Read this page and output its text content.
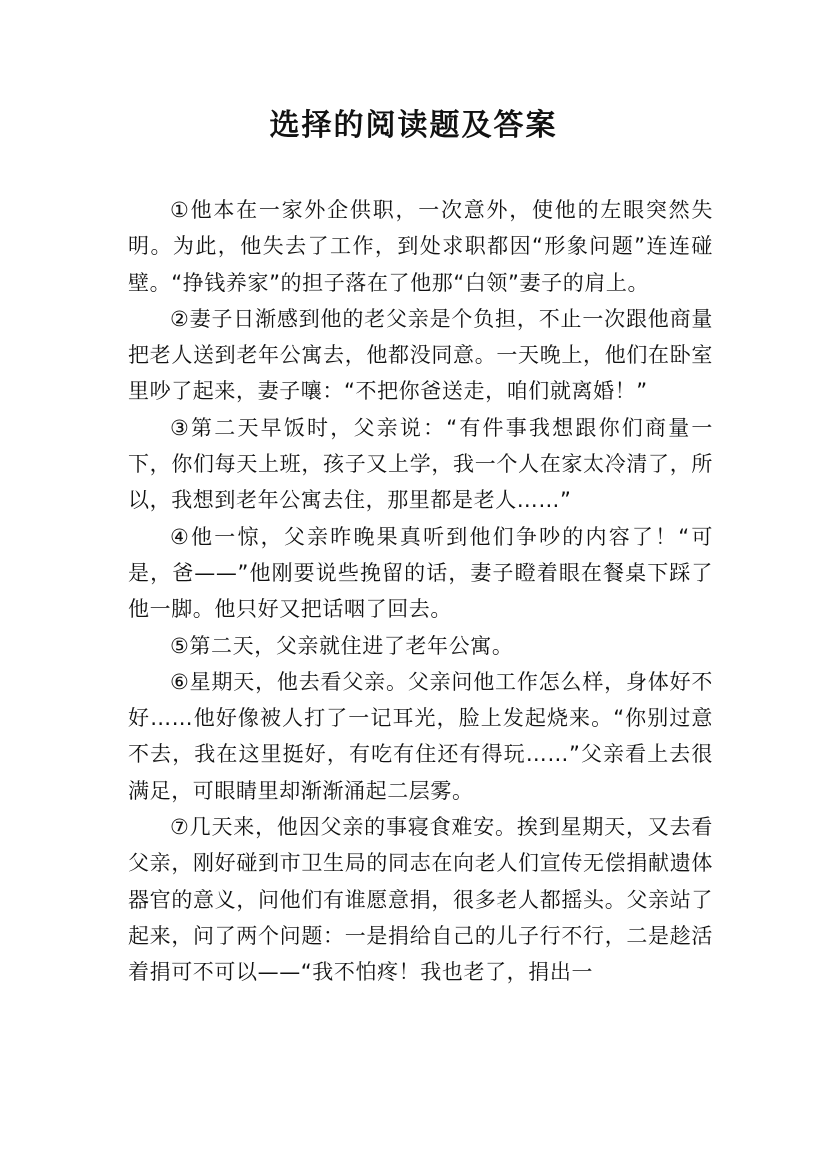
选择的阅读题及答案

①他本在一家外企供职，一次意外，使他的左眼突然失明。为此，他失去了工作，到处求职都因“形象问题”连连碰壁。“挣钱养家”的担子落在了他那“白领”妻子的肩上。

②妻子日渐感到他的老父亲是个负担，不止一次跟他商量把老人送到老年公寓去，他都没同意。一天晚上，他们在卧室里吵了起来，妻子嚷：“不把你爸送走，咱们就离婚！”

③第二天早饭时，父亲说：“有件事我想跟你们商量一下，你们每天上班，孩子又上学，我一个人在家太冷清了，所以，我想到老年公寓去住，那里都是老人……”

④他一惊，父亲昨晚果真听到他们争吵的内容了！“可是，爸——”他刚要说些挽留的话，妻子瞪着眼在餐桌下踩了他一脚。他只好又把话咽了回去。

⑤第二天，父亲就住进了老年公寓。

⑥星期天，他去看父亲。父亲问他工作怎么样，身体好不好……他好像被人打了一记耳光，脸上发起烧来。“你别过意不去，我在这里挺好，有吃有住还有得玩……”父亲看上去很满足，可眼睛里却渐渐涌起二层雾。

⑦几天来，他因父亲的事寝食难安。挨到星期天，又去看父亲，刚好碰到市卫生局的同志在向老人们宣传无偿捐献遗体器官的意义，问他们有谁愿意捐，很多老人都摇头。父亲站了起来，问了两个问题：一是捐给自己的儿子行不行，二是趁活着捐可不可以——“我不怕疼！我也老了，捐出一
